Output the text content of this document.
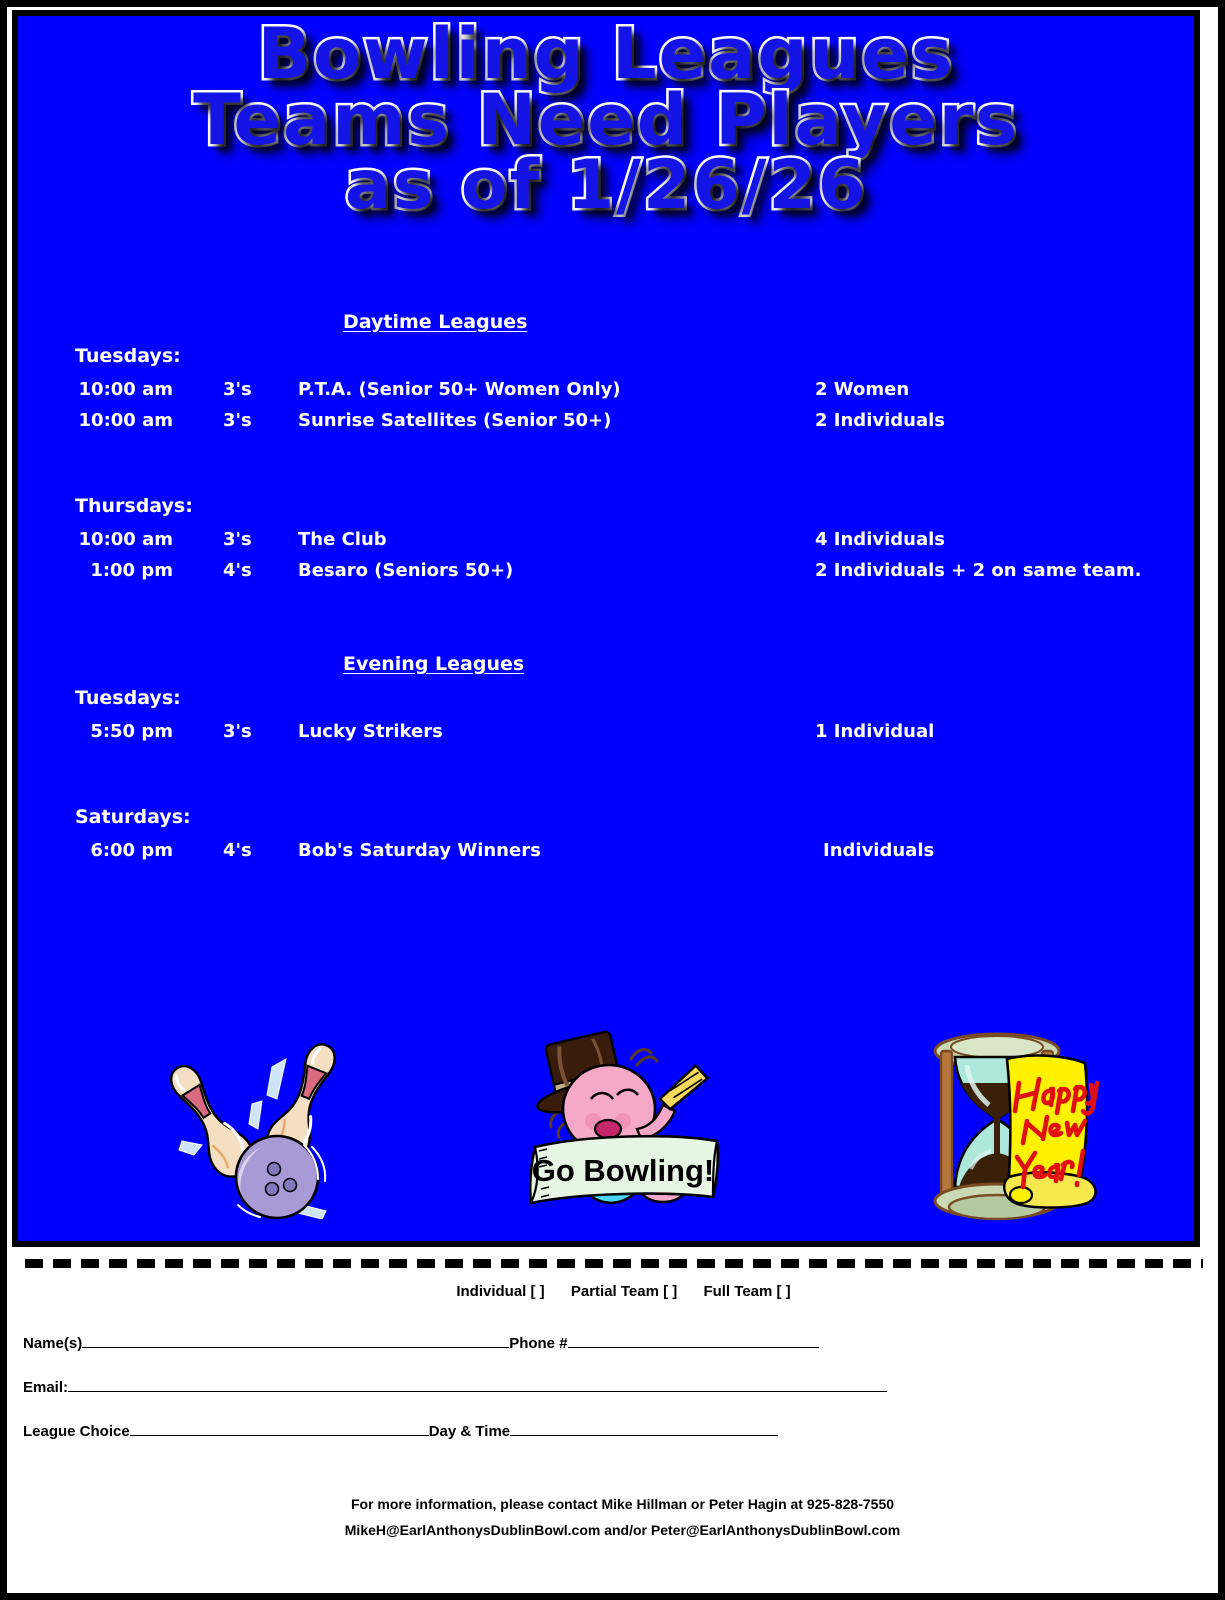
Bowling Leagues
Teams Need Players
as of 1/26/26
Daytime Leagues
Tuesdays:
10:00 am	3's	P.T.A. (Senior 50+ Women Only)	2 Women
10:00 am	3's	Sunrise Satellites (Senior 50+)	2 Individuals
Thursdays:
10:00 am	3's	The Club	4 Individuals
1:00 pm	4's	Besaro (Seniors 50+)	2 Individuals + 2 on same team.
Evening Leagues
Tuesdays:
5:50 pm	3's	Lucky Strikers	1 Individual
Saturdays:
6:00 pm	4's	Bob's Saturday Winners	Individuals
Go Bowling!
Individual [ ] Partial Team [ ] Full Team [ ]
Name(s)	Phone #
Email:
League Choice	Day & Time
For more information, please contact Mike Hillman or Peter Hagin at 925-828-7550
MikeH@EarlAnthonysDublinBowl.com and/or Peter@EarlAnthonysDublinBowl.com
